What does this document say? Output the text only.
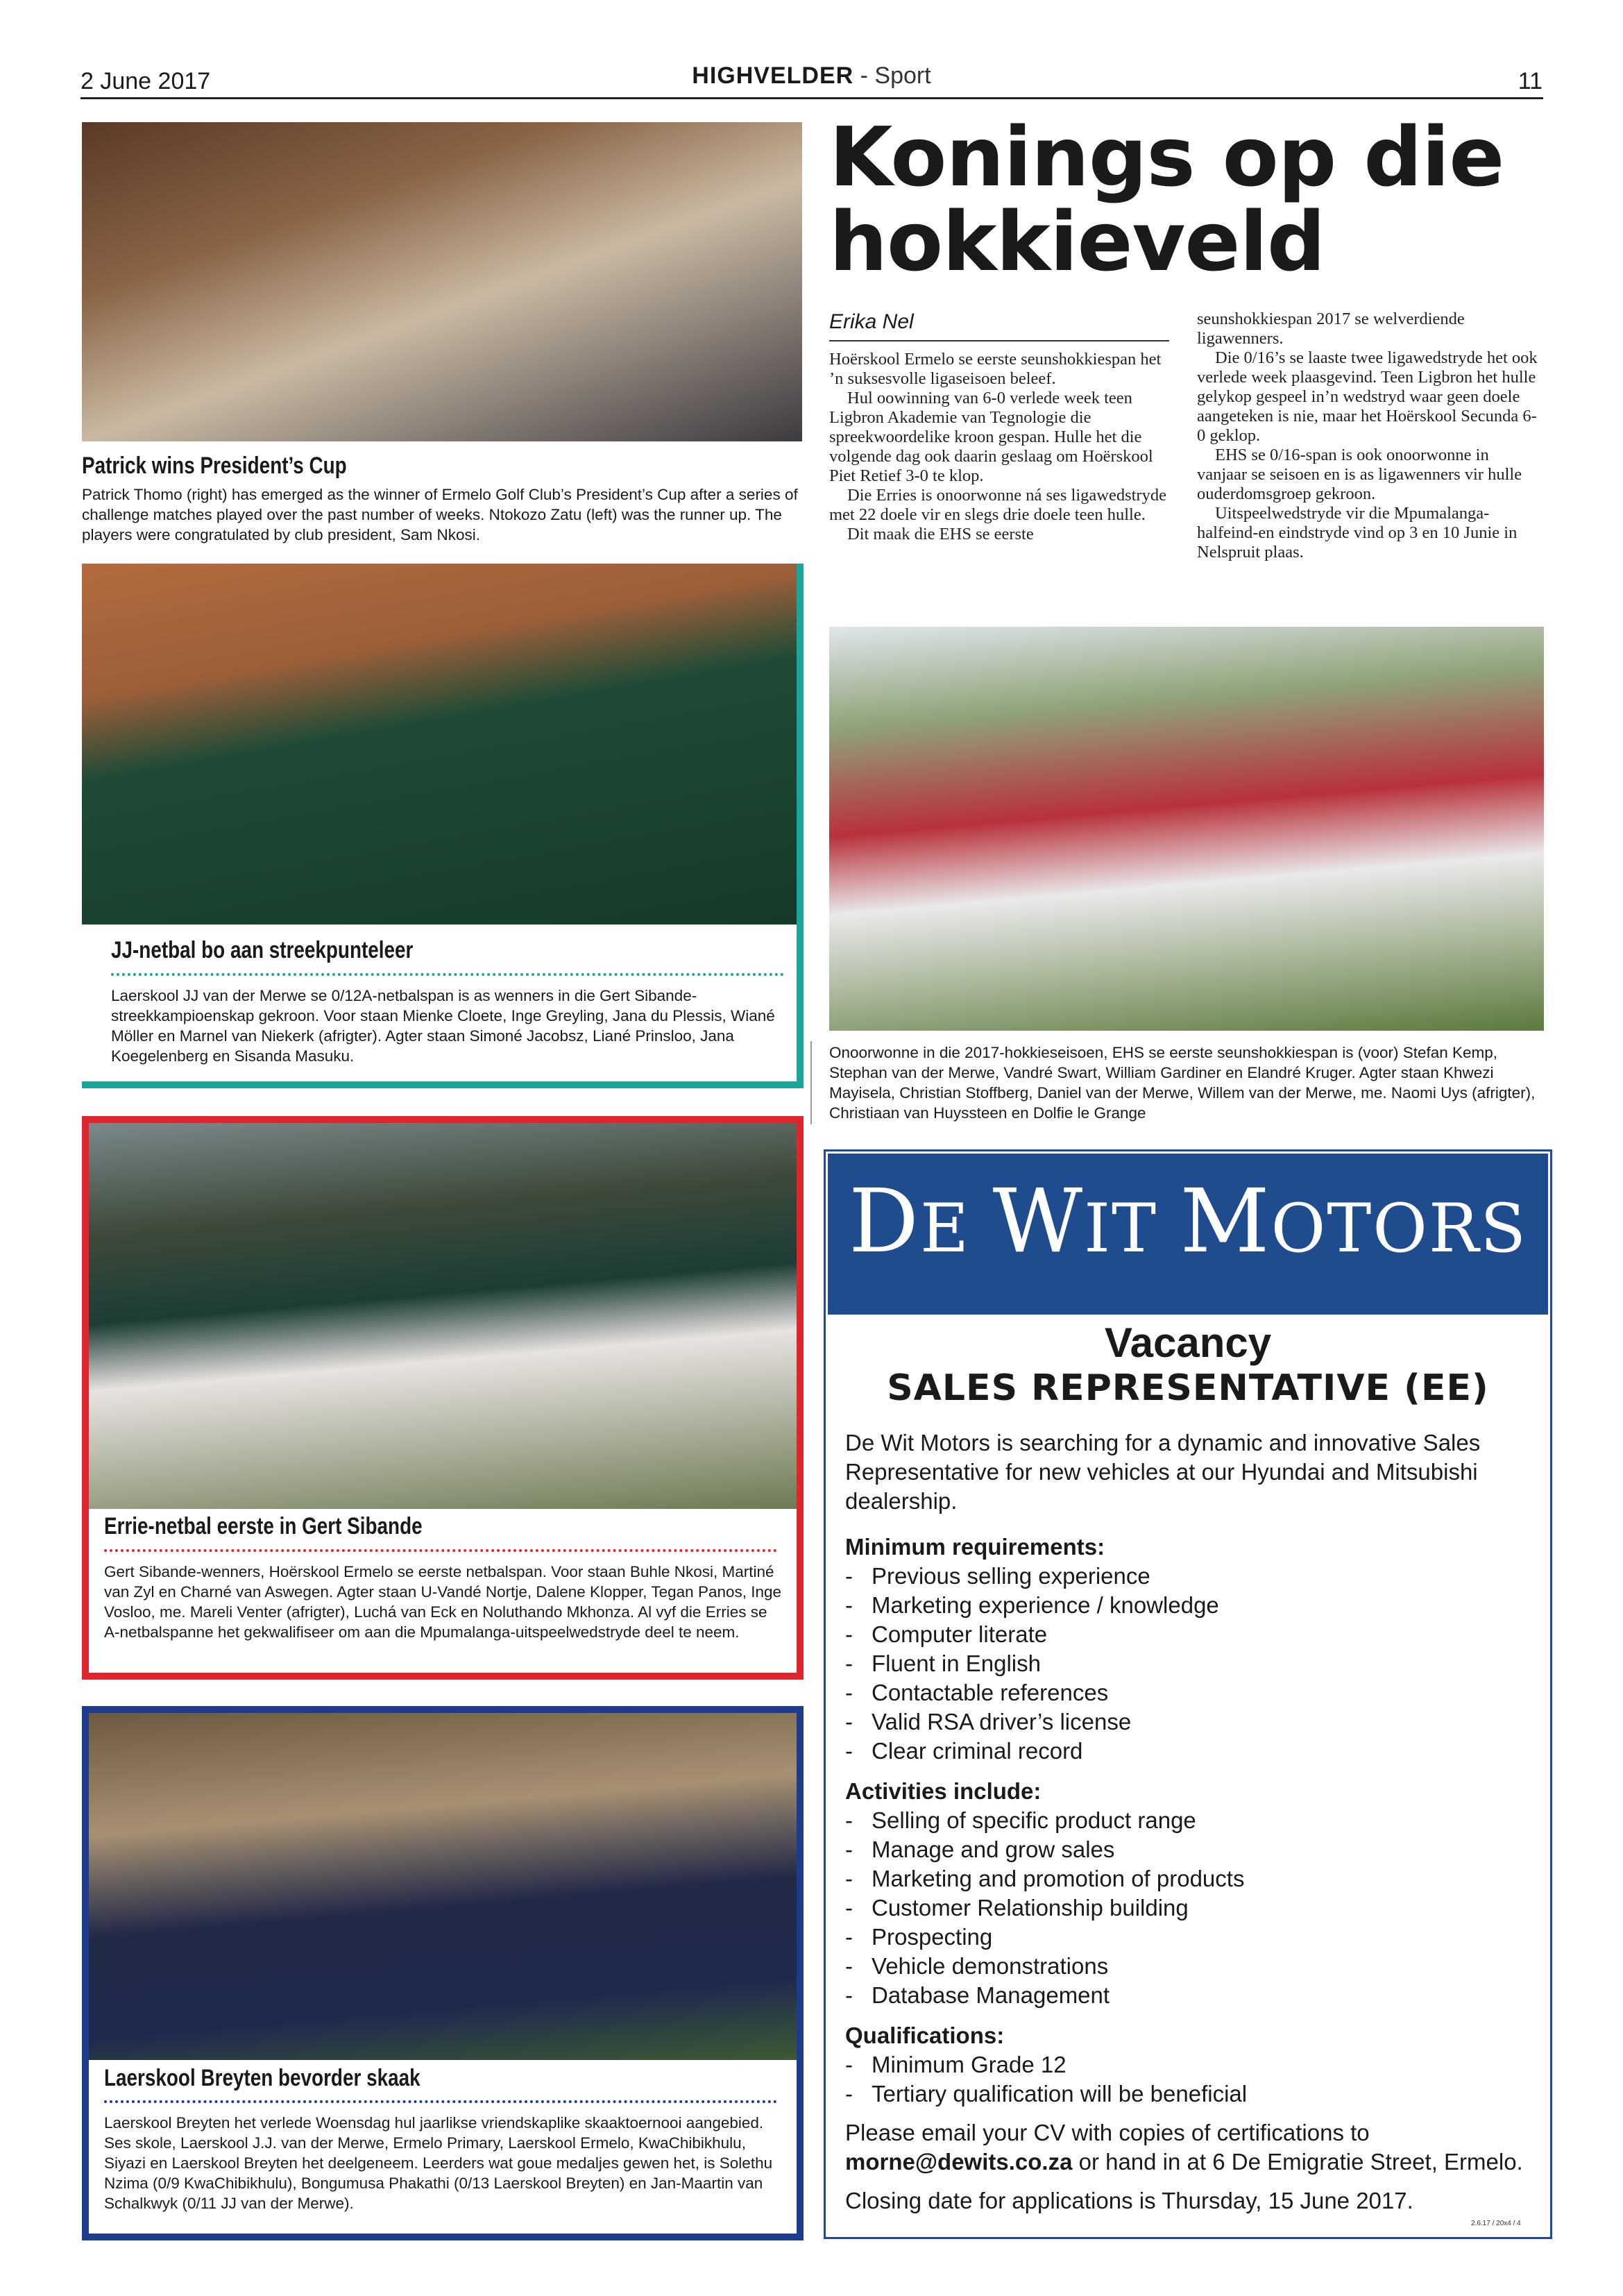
2 June 2017	HIGHVELDER - Sport	11
Patrick wins President’s Cup
Patrick Thomo (right) has emerged as the winner of Ermelo Golf Club’s President’s Cup after a series of challenge matches played over the past number of weeks. Ntokozo Zatu (left) was the runner up. The players were congratulated by club president, Sam Nkosi.
JJ-netbal bo aan streekpunteleer
Laerskool JJ van der Merwe se 0/12A-netbalspan is as wenners in die Gert Sibande-streekkampioenskap gekroon. Voor staan Mienke Cloete, Inge Greyling, Jana du Plessis, Wiané Möller en Marnel van Niekerk (afrigter). Agter staan Simoné Jacobsz, Liané Prinsloo, Jana Koegelenberg en Sisanda Masuku.
Errie-netbal eerste in Gert Sibande
Gert Sibande-wenners, Hoërskool Ermelo se eerste netbalspan. Voor staan Buhle Nkosi, Martiné van Zyl en Charné van Aswegen. Agter staan U-Vandé Nortje, Dalene Klopper, Tegan Panos, Inge Vosloo, me. Mareli Venter (afrigter), Luchá van Eck en Noluthando Mkhonza. Al vyf die Erries se A-netbalspanne het gekwalifiseer om aan die Mpumalanga-uitspeelwedstryde deel te neem.
Laerskool Breyten bevorder skaak
Laerskool Breyten het verlede Woensdag hul jaarlikse vriendskaplike skaaktoernooi aangebied. Ses skole, Laerskool J.J. van der Merwe, Ermelo Primary, Laerskool Ermelo, KwaChibikhulu, Siyazi en Laerskool Breyten het deelgeneem. Leerders wat goue medaljes gewen het, is Solethu Nzima (0/9 KwaChibikhulu), Bongumusa Phakathi (0/13 Laerskool Breyten) en Jan-Maartin van Schalkwyk (0/11 JJ van der Merwe).
Konings op die
hokkieveld
Erika Nel

Hoërskool Ermelo se eerste seunshokkiespan het ’n suksesvolle ligaseisoen beleef.

Hul oowinning van 6-0 verlede week teen Ligbron Akademie van Tegnologie die spreekwoordelike kroon gespan. Hulle het die volgende dag ook daarin geslaag om Hoërskool Piet Retief 3-0 te klop.

Die Erries is onoorwonne ná ses ligawedstryde met 22 doele vir en slegs drie doele teen hulle.

Dit maak die EHS se eerste

seunshokkiespan 2017 se welverdiende ligawenners.

Die 0/16’s se laaste twee ligawedstryde het ook verlede week plaasgevind. Teen Ligbron het hulle gelykop gespeel in’n wedstryd waar geen doele aangeteken is nie, maar het Hoërskool Secunda 6-0 geklop.

EHS se 0/16-span is ook onoorwonne in vanjaar se seisoen en is as ligawenners vir hulle ouderdomsgroep gekroon.

Uitspeelwedstryde vir die Mpumalanga-halfeind-en eindstryde vind op 3 en 10 Junie in Nelspruit plaas.

Onoorwonne in die 2017-hokkieseisoen, EHS se eerste seunshokkiespan is (voor) Stefan Kemp, Stephan van der Merwe, Vandré Swart, William Gardiner en Elandré Kruger. Agter staan Khwezi Mayisela, Christian Stoffberg, Daniel van der Merwe, Willem van der Merwe, me. Naomi Uys (afrigter), Christiaan van Huyssteen en Dolfie le Grange
DE WIT MOTORS
Vacancy
SALES REPRESENTATIVE (EE)
De Wit Motors is searching for a dynamic and innovative Sales Representative for new vehicles at our Hyundai and Mitsubishi dealership.
Minimum requirements:
- Previous selling experience
- Marketing experience / knowledge
- Computer literate
- Fluent in English
- Contactable references
- Valid RSA driver’s license
- Clear criminal record
Activities include:
- Selling of specific product range
- Manage and grow sales
- Marketing and promotion of products
- Customer Relationship building
- Prospecting
- Vehicle demonstrations
- Database Management
Qualifications:
- Minimum Grade 12
- Tertiary qualification will be beneficial
Please email your CV with copies of certifications to morne@dewits.co.za or hand in at 6 De Emigratie Street, Ermelo.
Closing date for applications is Thursday, 15 June 2017.
2.6.17 / 20x4 / 4
